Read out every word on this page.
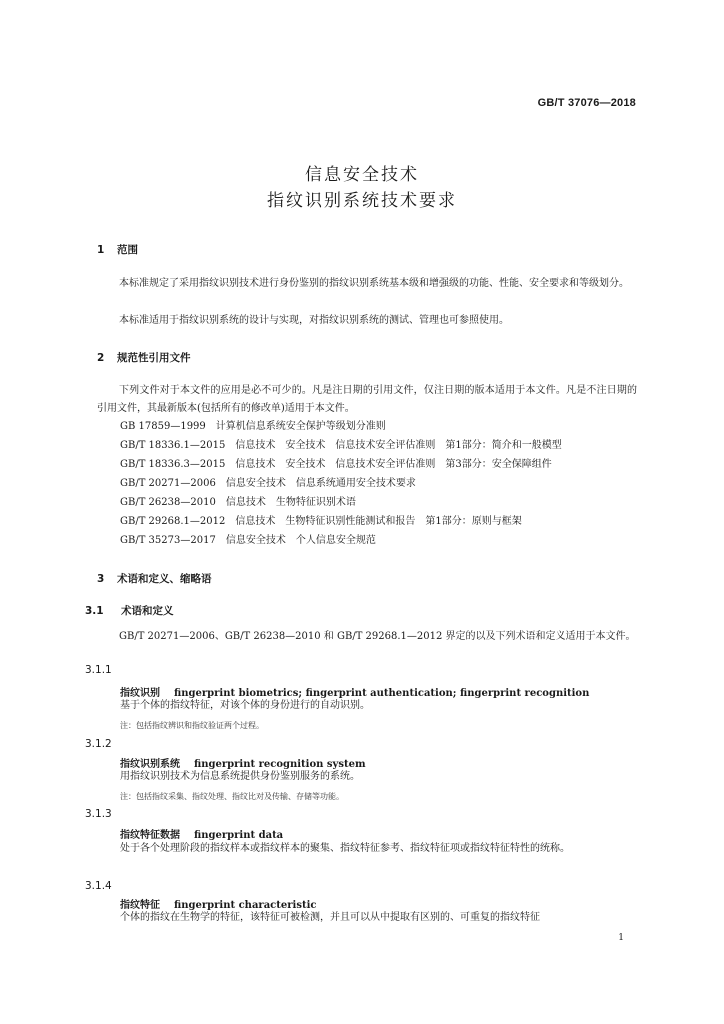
GB/T 37076—2018
信息安全技术
指纹识别系统技术要求
1 范围
本标准规定了采用指纹识别技术进行身份鉴别的指纹识别系统基本级和增强级的功能、性能、安全要求和等级划分。
本标准适用于指纹识别系统的设计与实现，对指纹识别系统的测试、管理也可参照使用。
2 规范性引用文件
下列文件对于本文件的应用是必不可少的。凡是注日期的引用文件，仅注日期的版本适用于本文件。凡是不注日期的引用文件，其最新版本(包括所有的修改单)适用于本文件。
GB 17859—1999　计算机信息系统安全保护等级划分准则
GB/T 18336.1—2015　信息技术　安全技术　信息技术安全评估准则　第1部分：简介和一般模型
GB/T 18336.3—2015　信息技术　安全技术　信息技术安全评估准则　第3部分：安全保障组件
GB/T 20271—2006　信息安全技术　信息系统通用安全技术要求
GB/T 26238—2010　信息技术　生物特征识别术语
GB/T 29268.1—2012　信息技术　生物特征识别性能测试和报告　第1部分：原则与框架
GB/T 35273—2017　信息安全技术　个人信息安全规范
3 术语和定义、缩略语
3.1 术语和定义
GB/T 20271—2006、GB/T 26238—2010 和 GB/T 29268.1—2012 界定的以及下列术语和定义适用于本文件。
3.1.1
指纹识别 fingerprint biometrics; fingerprint authentication; fingerprint recognition
基于个体的指纹特征，对该个体的身份进行的自动识别。
注：包括指纹辨识和指纹验证两个过程。
3.1.2
指纹识别系统 fingerprint recognition system
用指纹识别技术为信息系统提供身份鉴别服务的系统。
注：包括指纹采集、指纹处理、指纹比对及传输、存储等功能。
3.1.3
指纹特征数据 fingerprint data
处于各个处理阶段的指纹样本或指纹样本的聚集、指纹特征参考、指纹特征项或指纹特征特性的统称。
3.1.4
指纹特征 fingerprint characteristic
个体的指纹在生物学的特征，该特征可被检测，并且可以从中提取有区别的、可重复的指纹特征
1
